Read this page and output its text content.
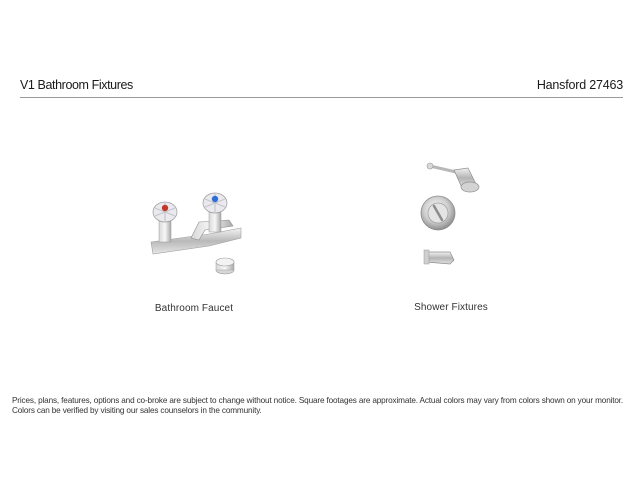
V1 Bathroom Fixtures	Hansford 27463
Bathroom Faucet	Shower Fixtures
Prices, plans, features, options and co-broke are subject to change without notice. Square footages are approximate. Actual colors may vary from colors shown on your monitor. Colors can be verified by visiting our sales counselors in the community.
